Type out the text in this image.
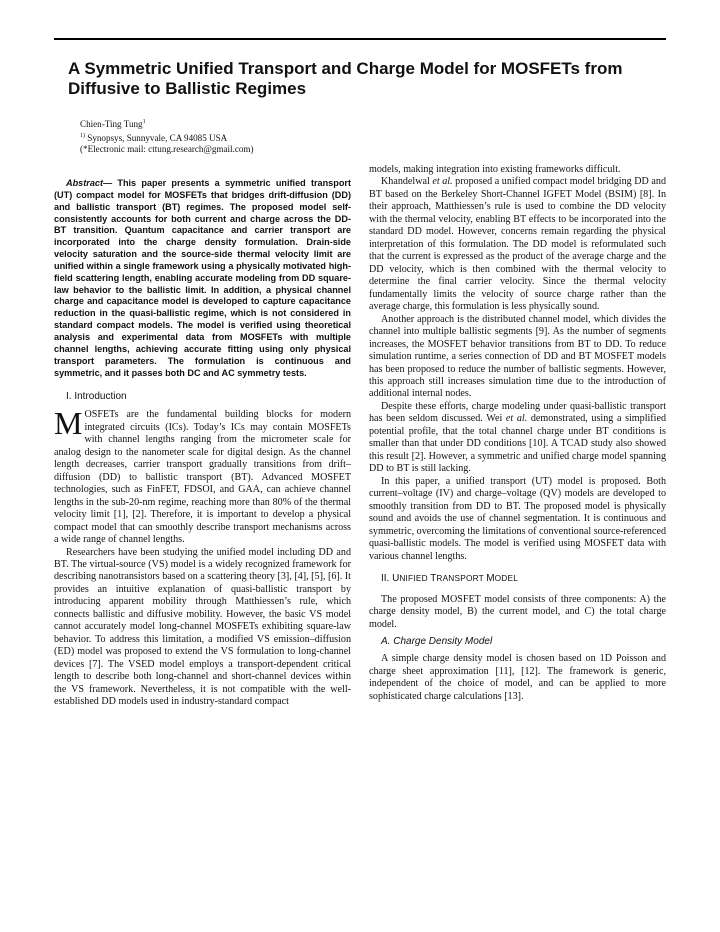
A Symmetric Unified Transport and Charge Model for MOSFETs from Diffusive to Ballistic Regimes
Chien-Ting Tung$^1$
$^{1)}$ Synopsys, Sunnyvale, CA 94085 USA
(*Electronic mail: cttung.research@gmail.com)

Abstract— This paper presents a symmetric unified transport (UT) compact model for MOSFETs that bridges drift-diffusion (DD) and ballistic transport (BT) regimes. The proposed model self-consistently accounts for both current and charge across the DD-BT transition. Quantum capacitance and carrier transport are incorporated into the charge density formulation. Drain-side velocity saturation and the source-side thermal velocity limit are unified within a single framework using a physically motivated high-field scattering length, enabling accurate modeling from DD square-law behavior to the ballistic limit. In addition, a physical channel charge and capacitance model is developed to capture capacitance reduction in the quasi-ballistic regime, which is not considered in standard compact models. The model is verified using theoretical analysis and experimental data from MOSFETs with multiple channel lengths, achieving accurate fitting using only physical transport parameters. The formulation is continuous and symmetric, and it passes both DC and AC symmetry tests.

I. Introduction

M OSFETs are the fundamental building blocks for modern integrated circuits (ICs). Today’s ICs may contain MOSFETs with channel lengths ranging from the micrometer scale for analog design to the nanometer scale for digital design. As the channel length decreases, carrier transport gradually transitions from drift–diffusion (DD) to ballistic transport (BT). Advanced MOSFET technologies, such as FinFET, FDSOI, and GAA, can achieve channel lengths in the sub-20-nm regime, reaching more than 80% of the thermal velocity limit [1], [2]. Therefore, it is important to develop a physical compact model that can smoothly describe transport mechanisms across a wide range of channel lengths.

Researchers have been studying the unified model including DD and BT. The virtual-source (VS) model is a widely recognized framework for describing nanotransistors based on a scattering theory [3], [4], [5], [6]. It provides an intuitive explanation of quasi-ballistic transport by introducing apparent mobility through Matthiessen’s rule, which connects ballistic and diffusive mobility. However, the basic VS model cannot accurately model long-channel MOSFETs exhibiting square-law behavior. To address this limitation, a modified VS emission–diffusion (ED) model was proposed to extend the VS formulation to long-channel devices [7]. The VSED model employs a transport-dependent critical length to describe both long-channel and short-channel devices within the VS framework. Nevertheless, it is not compatible with the well-established DD models used in industry-standard compact

models, making integration into existing frameworks difficult.

Khandelwal et al. proposed a unified compact model bridging DD and BT based on the Berkeley Short-Channel IGFET Model (BSIM) [8]. In their approach, Matthiessen’s rule is used to combine the DD velocity with the thermal velocity, enabling BT effects to be incorporated into the standard DD model. However, concerns remain regarding the physical interpretation of this formulation. The DD model is reformulated such that the current is expressed as the product of the average charge and the DD velocity, which is then combined with the thermal velocity to determine the final carrier velocity. Since the thermal velocity fundamentally limits the velocity of source charge rather than the average charge, this formulation is less physically sound.

Another approach is the distributed channel model, which divides the channel into multiple ballistic segments [9]. As the number of segments increases, the MOSFET behavior transitions from BT to DD. To reduce simulation runtime, a series connection of DD and BT MOSFET models has been proposed to reduce the number of ballistic segments. However, this approach still increases simulation time due to the introduction of additional internal nodes.

Despite these efforts, charge modeling under quasi-ballistic transport has been seldom discussed. Wei et al. demonstrated, using a simplified potential profile, that the total channel charge under BT conditions is smaller than that under DD conditions [10]. A TCAD study also showed this result [2]. However, a symmetric and unified charge model spanning DD to BT is still lacking.

In this paper, a unified transport (UT) model is proposed. Both current–voltage (IV) and charge–voltage (QV) models are developed to smoothly transition from DD to BT. The proposed model is physically sound and avoids the use of channel segmentation. It is continuous and symmetric, overcoming the limitations of conventional source-referenced quasi-ballistic models. The model is verified using MOSFET data with various channel lengths.

II. UNIFIED TRANSPORT MODEL

The proposed MOSFET model consists of three components: A) the charge density model, B) the current model, and C) the total charge model.

A. Charge Density Model

A simple charge density model is chosen based on 1D Poisson and charge sheet approximation [11], [12]. The framework is generic, independent of the choice of model, and can be applied to more sophisticated charge calculations [13].
